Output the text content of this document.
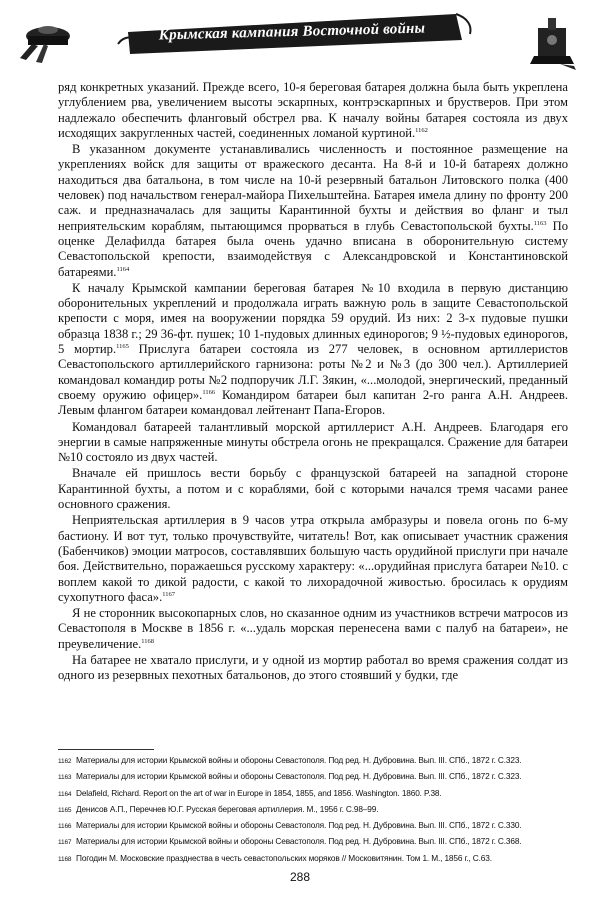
Крымская кампания Восточной войны

ряд конкретных указаний. Прежде всего, 10-я береговая батарея должна была быть укреплена углублением рва, увеличением высоты эскарпных, контрэскарпных и брустверов. При этом надлежало обеспечить фланговый обстрел рва. К началу войны батарея состояла из двух исходящих закругленных частей, соединенных ломаной куртиной.$^{1162}$

В указанном документе устанавливались численность и постоянное размещение на укреплениях войск для защиты от вражеского десанта. На 8-й и 10-й батареях должно находиться два батальона, в том числе на 10-й резервный батальон Литовского полка (400 человек) под начальством генерал-майора Пихельштейна. Батарея имела длину по фронту 200 саж. и предназначалась для защиты Карантинной бухты и действия во фланг и тыл неприятельским кораблям, пытающимся прорваться в глубь Севастопольской бухты.$^{1163}$ По оценке Делафилда батарея была очень удачно вписана в оборонительную систему Севастопольской крепости, взаимодействуя с Александровской и Константиновской батареями.$^{1164}$

К началу Крымской кампании береговая батарея №10 входила в первую дистанцию оборонительных укреплений и продолжала играть важную роль в защите Севастопольской крепости с моря, имея на вооружении порядка 59 орудий. Из них: 2 3-х пудовые пушки образца 1838 г.; 29 36-фт. пушек; 10 1-пудовых длинных единорогов; 9 ½-пудовых единорогов, 5 мортир.$^{1165}$ Прислуга батареи состояла из 277 человек, в основном артиллеристов Севастопольского артиллерийского гарнизона: роты №2 и №3 (до 300 чел.). Артиллерией командовал командир роты №2 подпоручик Л.Г. Зякин, «...молодой, энергический, преданный своему оружию офицер».$^{1166}$ Командиром батареи был капитан 2-го ранга А.Н. Андреев. Левым флангом батареи командовал лейтенант Папа-Егоров.

Командовал батареей талантливый морской артиллерист А.Н. Андреев. Благодаря его энергии в самые напряженные минуты обстрела огонь не прекращался. Сражение для батареи №10 состояло из двух частей.

Вначале ей пришлось вести борьбу с французской батареей на западной стороне Карантинной бухты, а потом и с кораблями, бой с которыми начался тремя часами ранее основного сражения.

Неприятельская артиллерия в 9 часов утра открыла амбразуры и повела огонь по 6-му бастиону. И вот тут, только прочувствуйте, читатель! Вот, как описывает участник сражения (Бабенчиков) эмоции матросов, составлявших большую часть орудийной прислуги при начале боя. Действительно, поражаешься русскому характеру: «...орудийная прислуга батареи №10. с воплем какой то дикой радости, с какой то лихорадочной живостью. бросилась к орудиям сухопутного фаса».$^{1167}$

Я не сторонник высокопарных слов, но сказанное одним из участников встречи матросов из Севастополя в Москве в 1856 г. «...удаль морская перенесена вами с палуб на батареи», не преувеличение.$^{1168}$

На батарее не хватало прислуги, и у одной из мортир работал во время сражения солдат из одного из резервных пехотных батальонов, до этого стоявший у будки, где

1162 Материалы для истории Крымской войны и обороны Севастополя. Под ред. Н. Дубровина. Вып. III. СПб., 1872 г. С.323.
1163 Материалы для истории Крымской войны и обороны Севастополя. Под ред. Н. Дубровина. Вып. III. СПб., 1872 г. С.323.
1164 Delafield, Richard. Report on the art of war in Europe in 1854, 1855, and 1856. Washington. 1860. P.38.
1165 Денисов А.П., Перечнев Ю.Г. Русская береговая артиллерия. М., 1956 г. С.98–99.
1166 Материалы для истории Крымской войны и обороны Севастополя. Под ред. Н. Дубровина. Вып. III. СПб., 1872 г. С.330.
1167 Материалы для истории Крымской войны и обороны Севастополя. Под ред. Н. Дубровина. Вып. III. СПб., 1872 г. С.368.
1168 Погодин М. Московские празднества в честь севастопольских моряков // Московитянин. Том 1. М., 1856 г., С.63.
288
